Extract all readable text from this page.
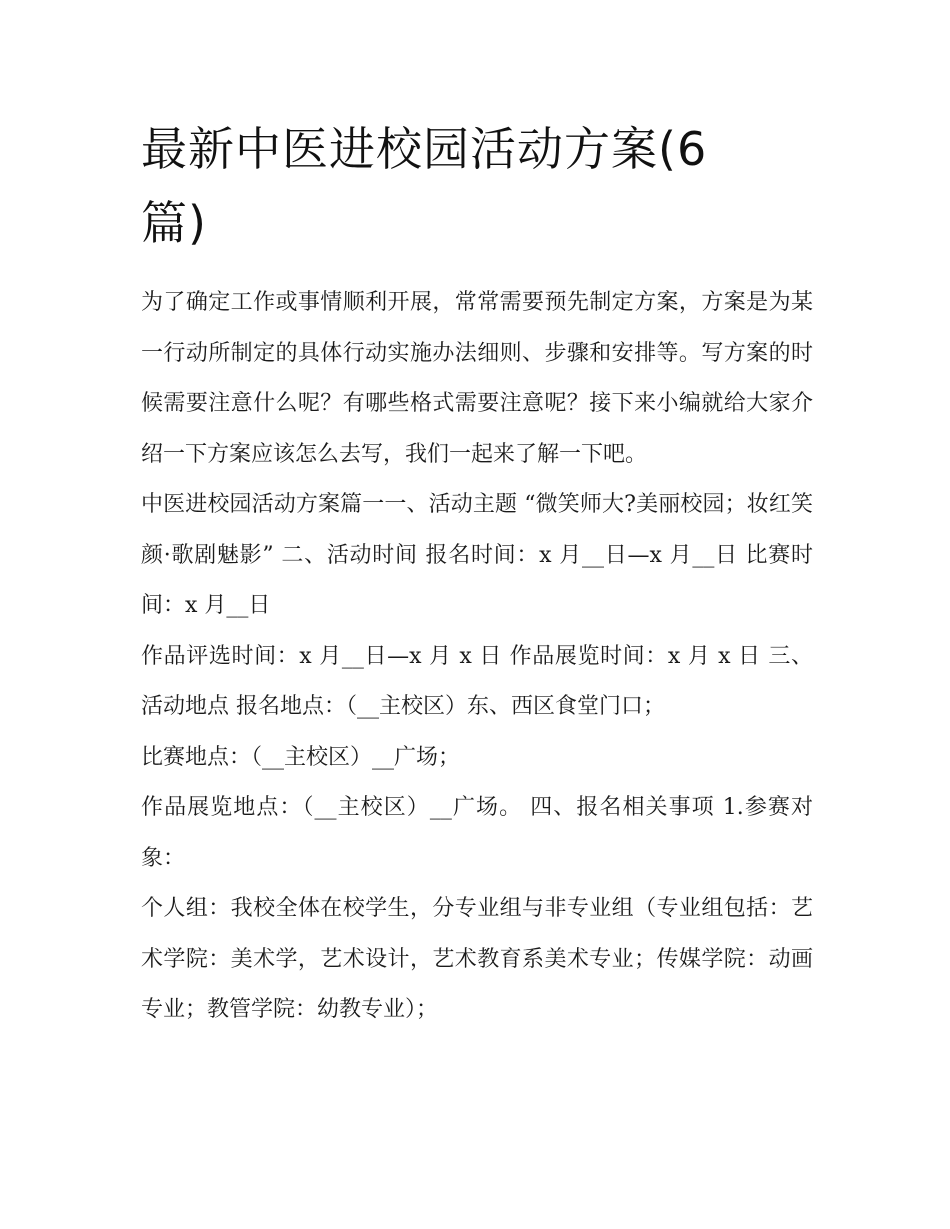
最新中医进校园活动方案(6
篇)

为了确定工作或事情顺利开展，常常需要预先制定方案，方案是为某一行动所制定的具体行动实施办法细则、步骤和安排等。写方案的时候需要注意什么呢？有哪些格式需要注意呢？接下来小编就给大家介绍一下方案应该怎么去写，我们一起来了解一下吧。

中医进校园活动方案篇一一、活动主题 “微笑师大?美丽校园；妆红笑颜·歌剧魅影” 二、活动时间 报名时间：x 月__日—x 月__日 比赛时间：x 月__日

作品评选时间：x 月__日—x 月 x 日 作品展览时间：x 月 x 日 三、活动地点 报名地点：（__主校区）东、西区食堂门口；

比赛地点：（__主校区）__广场；

作品展览地点：（__主校区）__广场。 四、报名相关事项 1.参赛对象：

个人组：我校全体在校学生，分专业组与非专业组（专业组包括：艺术学院：美术学，艺术设计，艺术教育系美术专业；传媒学院：动画专业；教管学院：幼教专业）；
